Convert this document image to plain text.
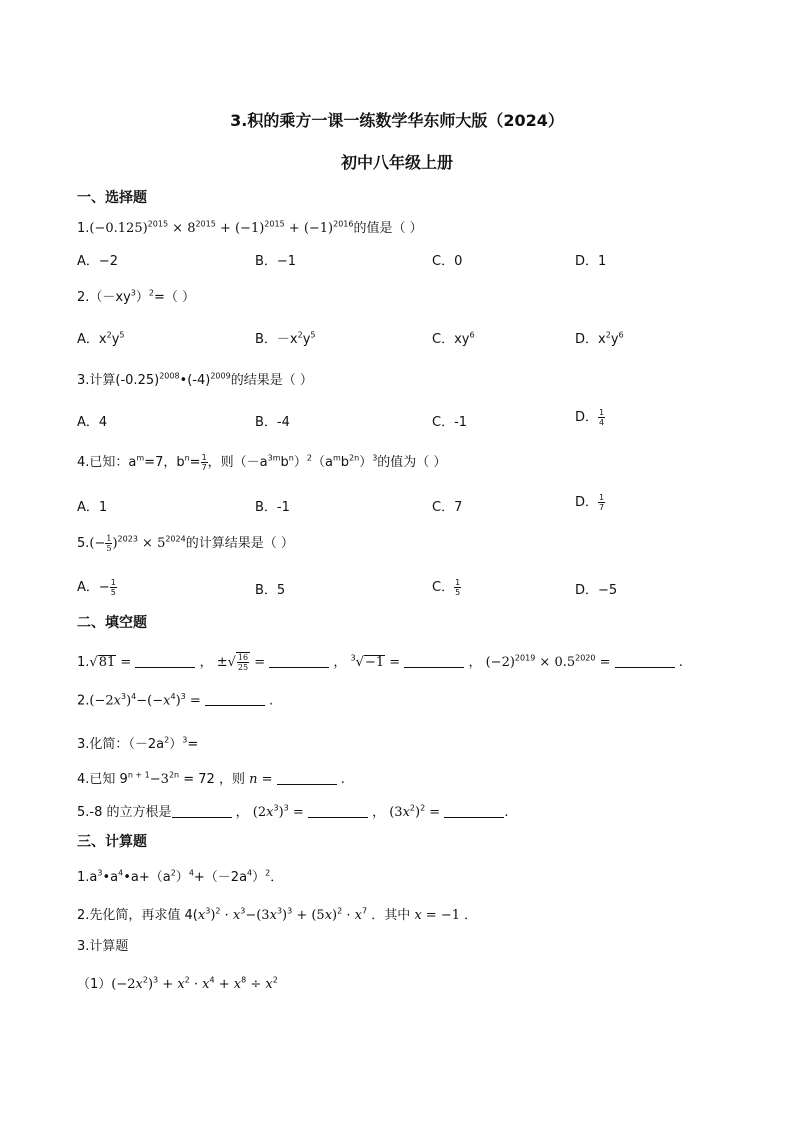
3.积的乘方一课一练数学华东师大版（2024）
初中八年级上册
一、选择题
$1.(-0.125)^{2015} \times 8^{2015} + (-1)^{2015} + (-1)^{2016}$的值是（ ）
A．−2	B．−1	C．0	D．1
$2.(-xy^3)^2=$（ ）
A．$x^2y^5$	B．$-x^2y^5$	C．$xy^6$	D．$x^2y^6$
3.计算$(-0.25)^{2008}•(-4)^{2009}$的结果是（ ）
A．4	B．-4	C．-1	D． $\frac{1}{4}$
4.已知：$a^m=7$，$b^n= \frac{1}{7}$ ，则$(-a^{3m}b^n)^2(a^mb^{2n})^3$的值为（ ）
A．1	B．-1	C．7	D． $\frac{1}{7}$
$5.(- \frac{1}{5} )^{2023} \times 5^{2024}$的计算结果是（ ）
A．− $\frac{1}{5}$	B．5	C． $\frac{1}{5}$	D．−5
二、填空题
1.√81 =	， ±√ $\frac{16}{25}$ =	， $^3$√−1 =	， $(-2)^{2019} \times 0.5^{2020}$ =	.
$2.(-2x^3)^4-(-x^4)^3$ =	.
3.化简：$(-2a^2)^3=$
4.已知 $9^{n + 1}-3^{2n} = 72$ ，则 n =	.
5.-8 的立方根是	， $(2x^3)^3$ =	， $(3x^2)^2$ =	.
三、计算题
$1.a^3•a^4•a+(a^2)^4+(-2a^4)^2$．
2.先化简，再求值 $4(x^3)^2 \cdot x^3-(3x^3)^3 + (5x)^2 \cdot x^7$ ．其中 x = −1 ．
3.计算题
$(1)(-2x^2)^3 + x^2 \cdot x^4 + x^8 \div x^2$
